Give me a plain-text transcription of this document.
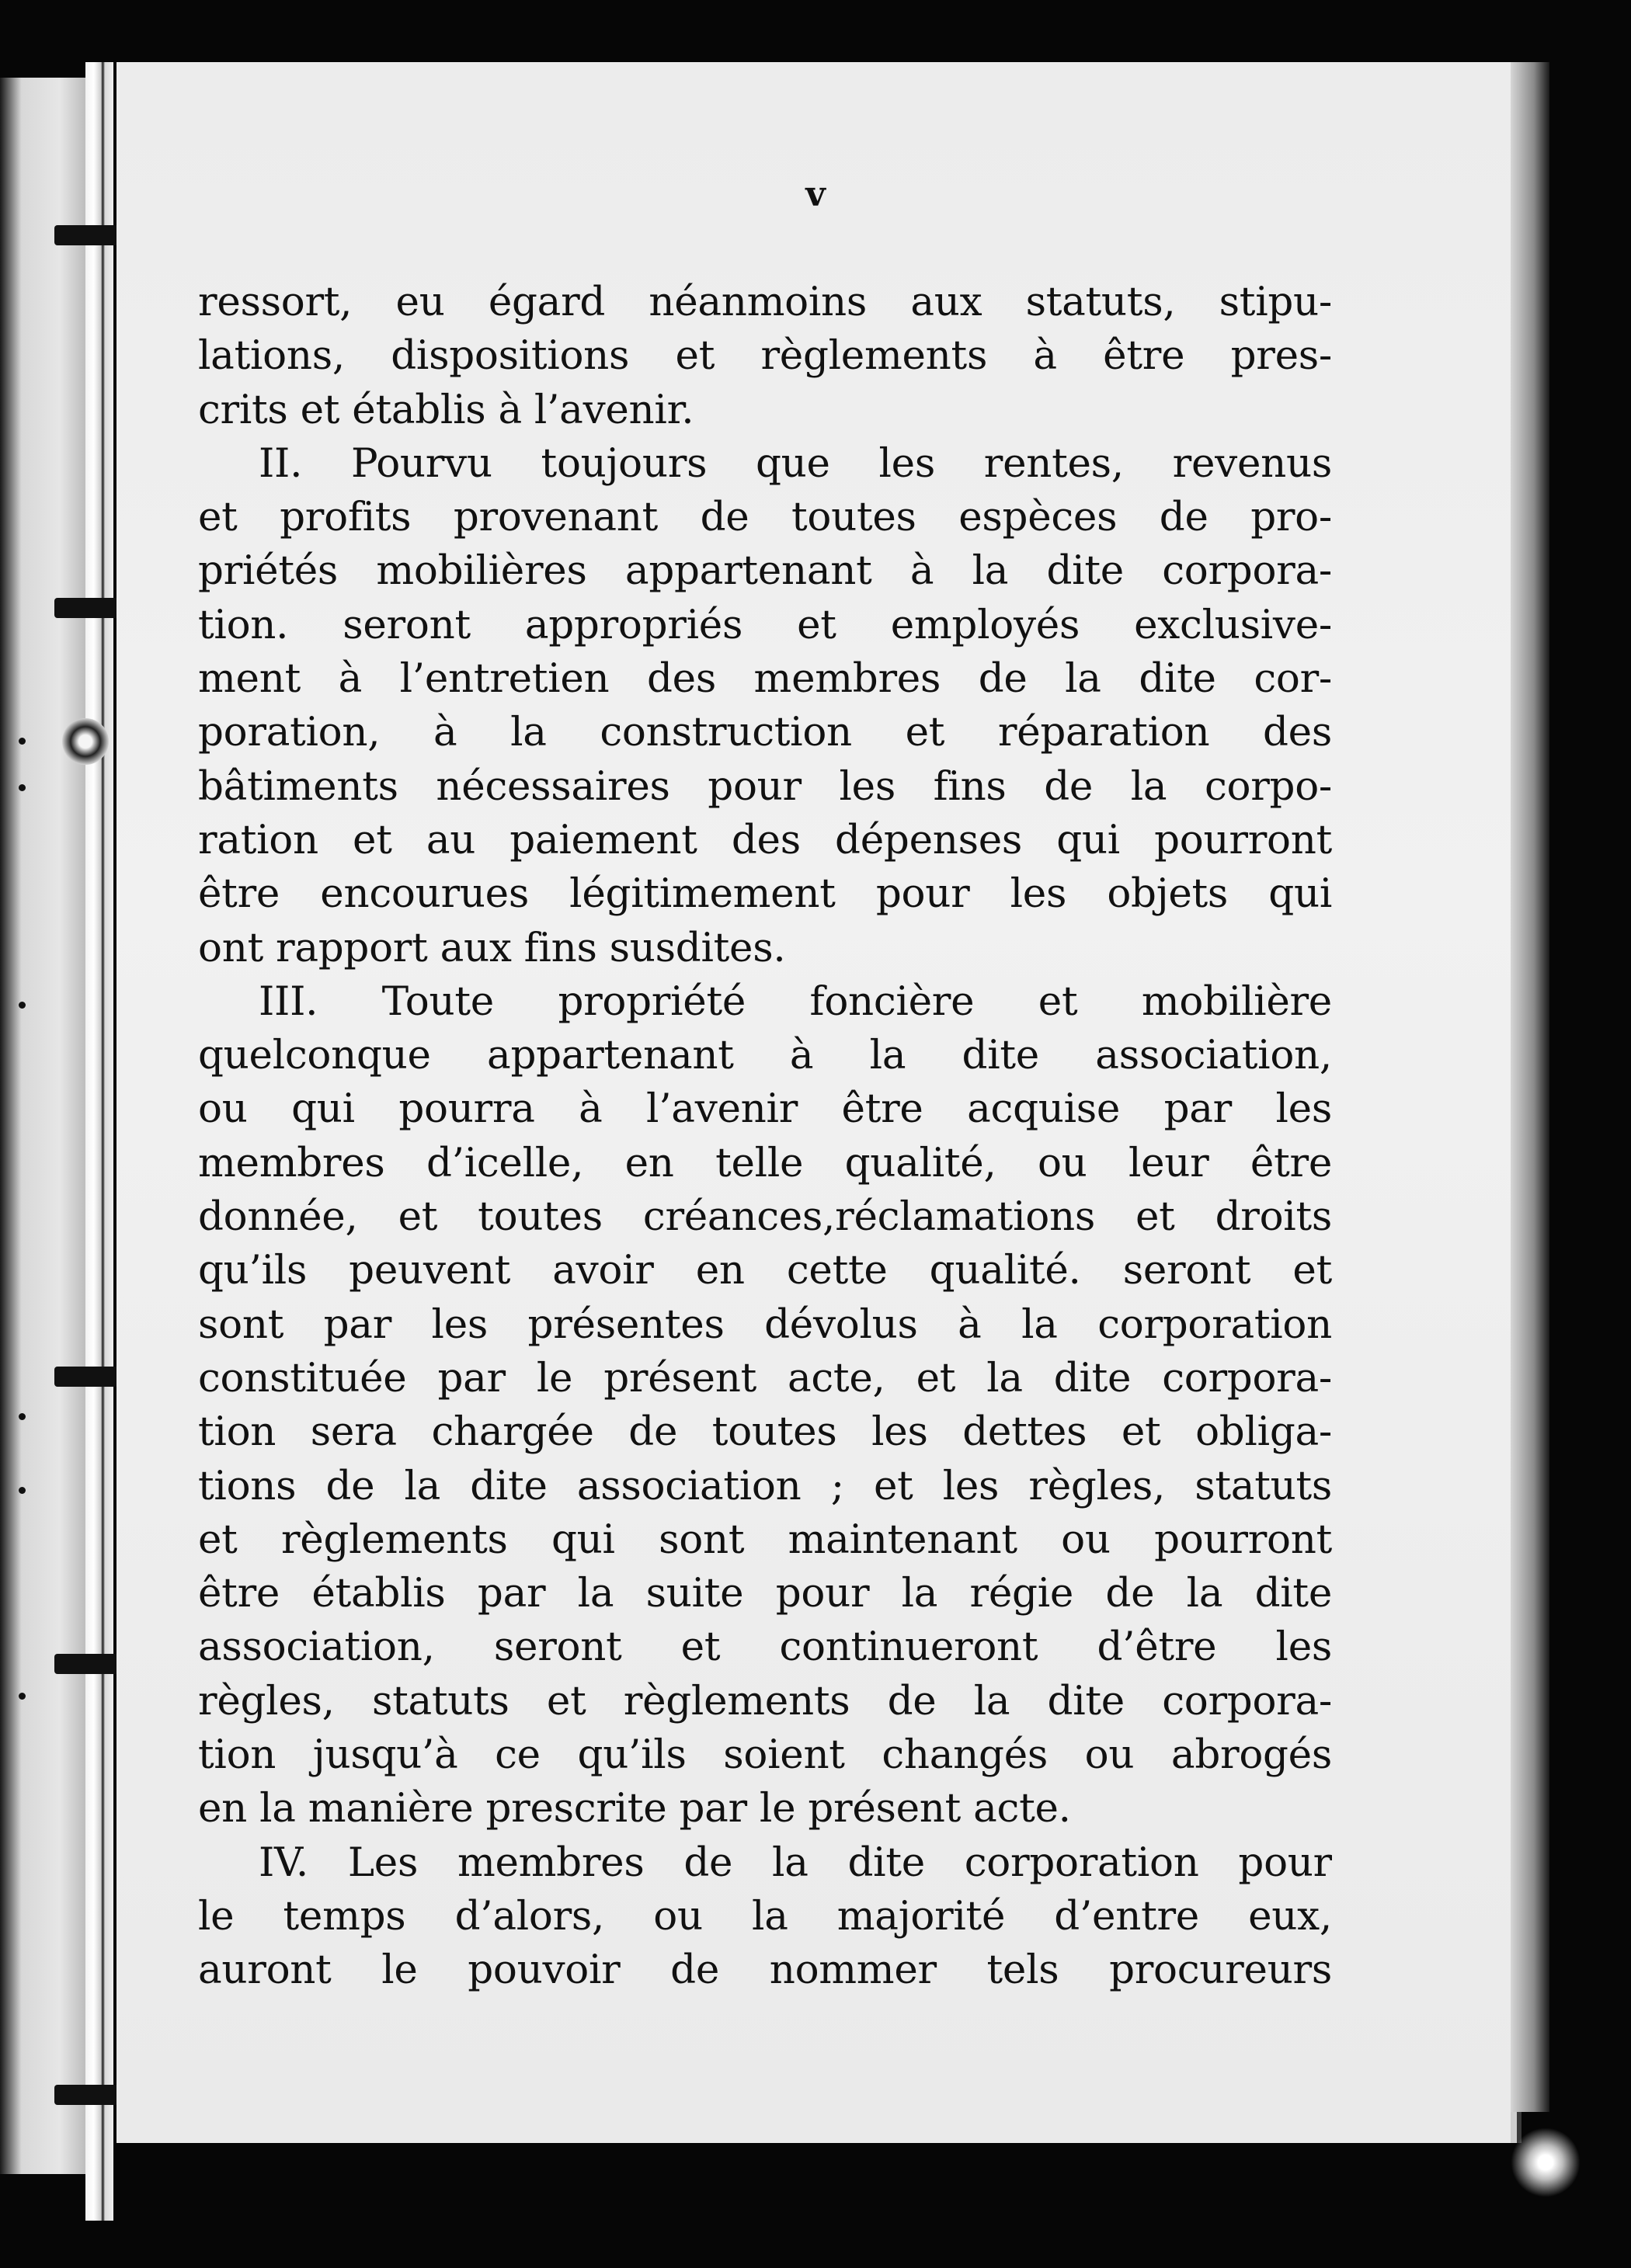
v
ressort, eu égard néanmoins aux statuts, stipu-
lations, dispositions et règlements à être pres-
crits et établis à l’avenir.
II. Pourvu toujours que les rentes, revenus
et profits provenant de toutes espèces de pro-
priétés mobilières appartenant à la dite corpora-
tion. seront appropriés et employés exclusive-
ment à l’entretien des membres de la dite cor-
poration, à la construction et réparation des
bâtiments nécessaires pour les fins de la corpo-
ration et au paiement des dépenses qui pourront
être encourues légitimement pour les objets qui
ont rapport aux fins susdites.
III. Toute propriété foncière et mobilière
quelconque appartenant à la dite association,
ou qui pourra à l’avenir être acquise par les
membres d’icelle, en telle qualité, ou leur être
donnée, et toutes créances,réclamations et droits
qu’ils peuvent avoir en cette qualité. seront et
sont par les présentes dévolus à la corporation
constituée par le présent acte, et la dite corpora-
tion sera chargée de toutes les dettes et obliga-
tions de la dite association ; et les règles, statuts
et règlements qui sont maintenant ou pourront
être établis par la suite pour la régie de la dite
association, seront et continueront d’être les
règles, statuts et règlements de la dite corpora-
tion jusqu’à ce qu’ils soient changés ou abrogés
en la manière prescrite par le présent acte.
IV. Les membres de la dite corporation pour
le temps d’alors, ou la majorité d’entre eux,
auront le pouvoir de nommer tels procureurs
